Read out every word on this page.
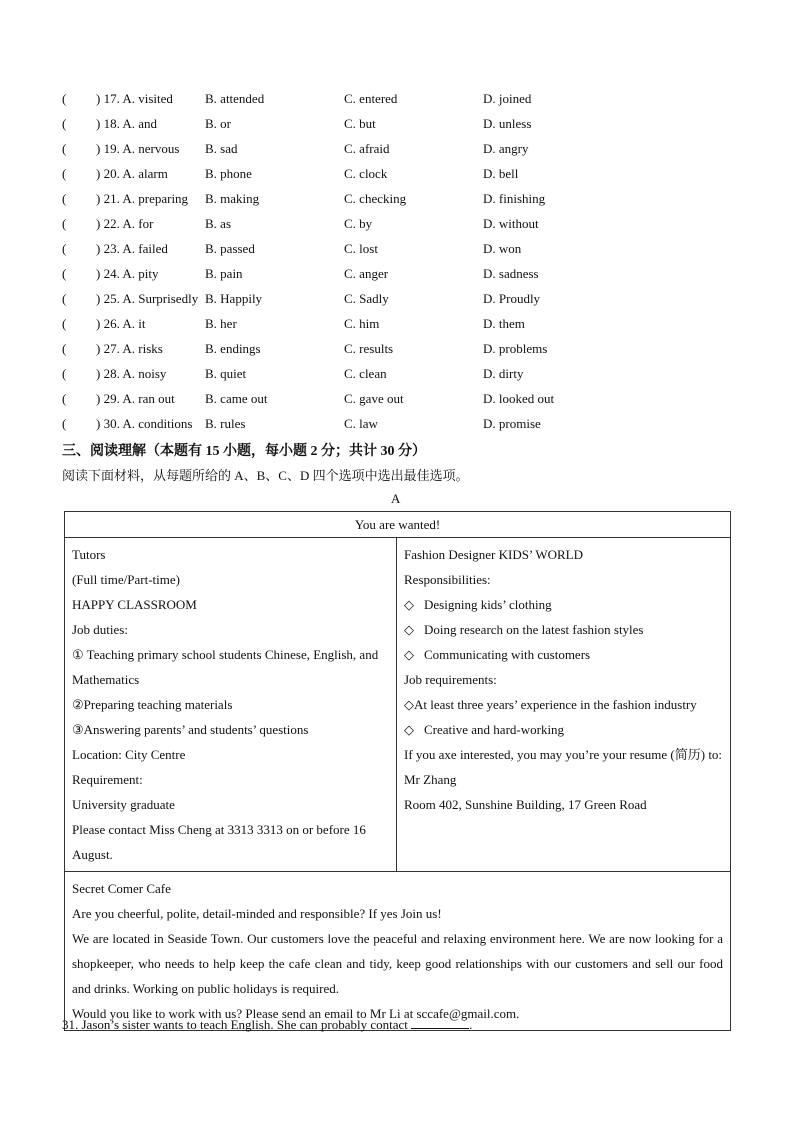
( ) 17. A. visited B. attended	C. entered	D. joined
( ) 18. A. and	B. or	C. but	D. unless
( ) 19. A. nervous B. sad	C. afraid	D. angry
( ) 20. A. alarm	B. phone	C. clock	D. bell
( ) 21. A. preparing B. making	C. checking	D. finishing
( ) 22. A. for	B. as	C. by	D. without
( ) 23. A. failed	B. passed	C. lost	D. won
( ) 24. A. pity	B. pain	C. anger	D. sadness
( ) 25. A. Surprisedly B. Happily	C. Sadly	D. Proudly
( ) 26. A. it	B. her	C. him	D. them
( ) 27. A. risks	B. endings	C. results	D. problems
( ) 28. A. noisy	B. quiet	C. clean	D. dirty
( ) 29. A. ran out B. came out	C. gave out	D. looked out
( ) 30. A. conditions B. rules	C. law	D. promise
三、阅读理解（本题有 15 小题，每小题 2 分；共计 30 分）
阅读下面材料，从每题所给的 A、B、C、D 四个选项中选出最佳选项。
A
You are wanted!

Tutors
(Full time/Part-time)
HAPPY CLASSROOM
Job duties:
① Teaching primary school students Chinese, English, and Mathematics
②Preparing teaching materials
③Answering parents’ and students’ questions
Location: City Centre
Requirement:
University graduate
Please contact Miss Cheng at 3313 3313 on or before 16 August.

Fashion Designer KIDS’ WORLD
Responsibilities:
◇ Designing kids’ clothing
◇ Doing research on the latest fashion styles
◇ Communicating with customers
Job requirements:
◇At least three years’ experience in the fashion industry
◇ Creative and hard-working
If you axe interested, you may you’re your resume (简历) to:
Mr Zhang
Room 402, Sunshine Building, 17 Green Road

Secret Comer Cafe
Are you cheerful, polite, detail-minded and responsible? If yes Join us!
We are located in Seaside Town. Our customers love the peaceful and relaxing environment here. We are now looking for a shopkeeper, who needs to help keep the cafe clean and tidy, keep good relationships with our customers and sell our food and drinks. Working on public holidays is required.
Would you like to work with us? Please send an email to Mr Li at sccafe@gmail.com.
31. Jason’s sister wants to teach English. She can probably contact	.
